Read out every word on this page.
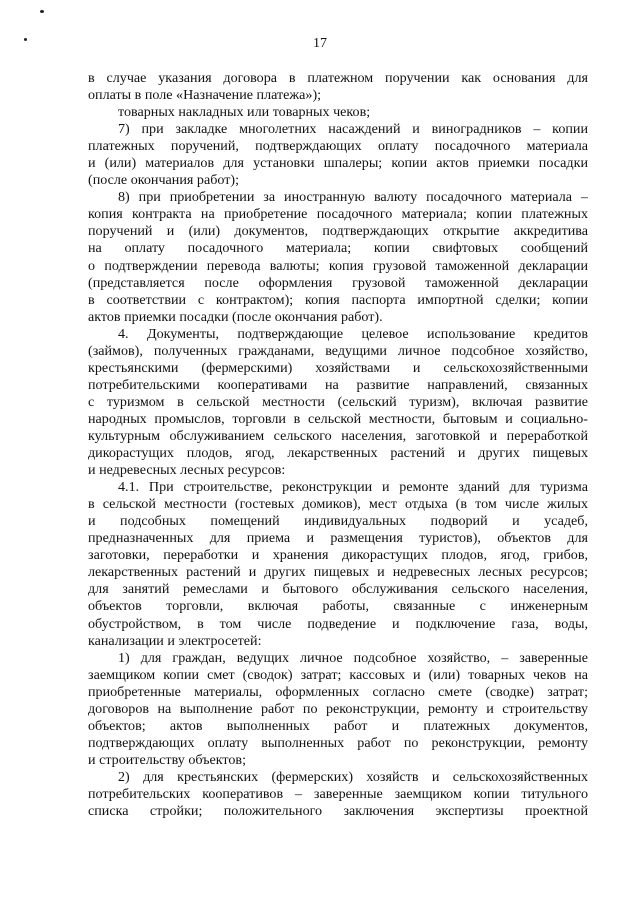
17
в случае указания договора в платежном поручении как основания для
оплаты в поле «Назначение платежа»);
товарных накладных или товарных чеков;
7) при закладке многолетних насаждений и виноградников – копии
платежных поручений, подтверждающих оплату посадочного материала
и (или) материалов для установки шпалеры; копии актов приемки посадки
(после окончания работ);
8) при приобретении за иностранную валюту посадочного материала –
копия контракта на приобретение посадочного материала; копии платежных
поручений и (или) документов, подтверждающих открытие аккредитива
на оплату посадочного материала; копии свифтовых сообщений
о подтверждении перевода валюты; копия грузовой таможенной декларации
(представляется после оформления грузовой таможенной декларации
в соответствии с контрактом); копия паспорта импортной сделки; копии
актов приемки посадки (после окончания работ).
4. Документы, подтверждающие целевое использование кредитов
(займов), полученных гражданами, ведущими личное подсобное хозяйство,
крестьянскими (фермерскими) хозяйствами и сельскохозяйственными
потребительскими кооперативами на развитие направлений, связанных
с туризмом в сельской местности (сельский туризм), включая развитие
народных промыслов, торговли в сельской местности, бытовым и социально-
культурным обслуживанием сельского населения, заготовкой и переработкой
дикорастущих плодов, ягод, лекарственных растений и других пищевых
и недревесных лесных ресурсов:
4.1. При строительстве, реконструкции и ремонте зданий для туризма
в сельской местности (гостевых домиков), мест отдыха (в том числе жилых
и подсобных помещений индивидуальных подворий и усадеб,
предназначенных для приема и размещения туристов), объектов для
заготовки, переработки и хранения дикорастущих плодов, ягод, грибов,
лекарственных растений и других пищевых и недревесных лесных ресурсов;
для занятий ремеслами и бытового обслуживания сельского населения,
объектов торговли, включая работы, связанные с инженерным
обустройством, в том числе подведение и подключение газа, воды,
канализации и электросетей:
1) для граждан, ведущих личное подсобное хозяйство, – заверенные
заемщиком копии смет (сводок) затрат; кассовых и (или) товарных чеков на
приобретенные материалы, оформленных согласно смете (сводке) затрат;
договоров на выполнение работ по реконструкции, ремонту и строительству
объектов; актов выполненных работ и платежных документов,
подтверждающих оплату выполненных работ по реконструкции, ремонту
и строительству объектов;
2) для крестьянских (фермерских) хозяйств и сельскохозяйственных
потребительских кооперативов – заверенные заемщиком копии титульного
списка стройки; положительного заключения экспертизы проектной
